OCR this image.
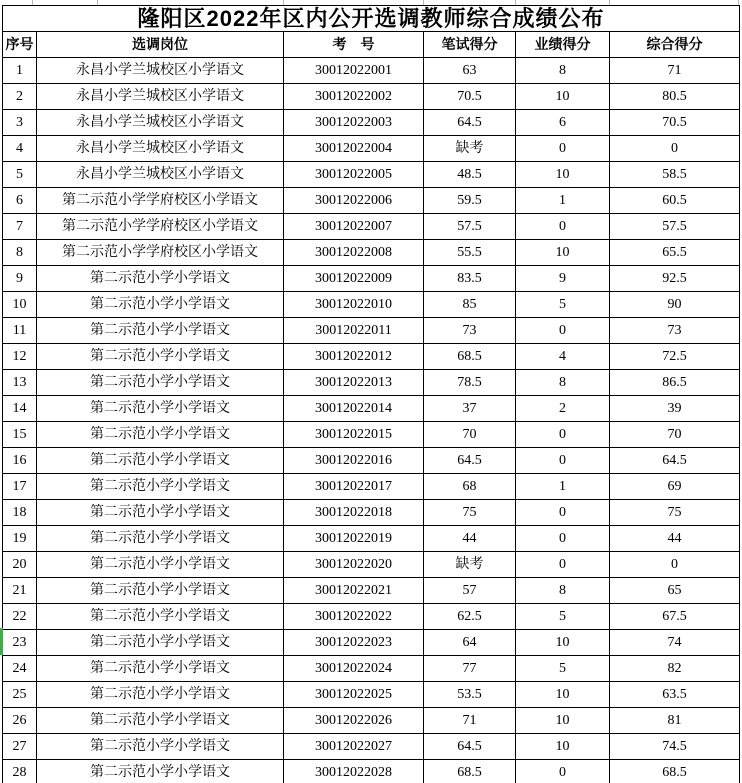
隆阳区2022年区内公开选调教师综合成绩公布					
序号	选调岗位	考　号	笔试得分	业绩得分	综合得分
1	永昌小学兰城校区小学语文	30012022001	63	8	71
2	永昌小学兰城校区小学语文	30012022002	70.5	10	80.5
3	永昌小学兰城校区小学语文	30012022003	64.5	6	70.5
4	永昌小学兰城校区小学语文	30012022004	缺考	0	0
5	永昌小学兰城校区小学语文	30012022005	48.5	10	58.5
6	第二示范小学学府校区小学语文	30012022006	59.5	1	60.5
7	第二示范小学学府校区小学语文	30012022007	57.5	0	57.5
8	第二示范小学学府校区小学语文	30012022008	55.5	10	65.5
9	第二示范小学小学语文	30012022009	83.5	9	92.5
10	第二示范小学小学语文	30012022010	85	5	90
11	第二示范小学小学语文	30012022011	73	0	73
12	第二示范小学小学语文	30012022012	68.5	4	72.5
13	第二示范小学小学语文	30012022013	78.5	8	86.5
14	第二示范小学小学语文	30012022014	37	2	39
15	第二示范小学小学语文	30012022015	70	0	70
16	第二示范小学小学语文	30012022016	64.5	0	64.5
17	第二示范小学小学语文	30012022017	68	1	69
18	第二示范小学小学语文	30012022018	75	0	75
19	第二示范小学小学语文	30012022019	44	0	44
20	第二示范小学小学语文	30012022020	缺考	0	0
21	第二示范小学小学语文	30012022021	57	8	65
22	第二示范小学小学语文	30012022022	62.5	5	67.5
23	第二示范小学小学语文	30012022023	64	10	74
24	第二示范小学小学语文	30012022024	77	5	82
25	第二示范小学小学语文	30012022025	53.5	10	63.5
26	第二示范小学小学语文	30012022026	71	10	81
27	第二示范小学小学语文	30012022027	64.5	10	74.5
28	第二示范小学小学语文	30012022028	68.5	0	68.5
